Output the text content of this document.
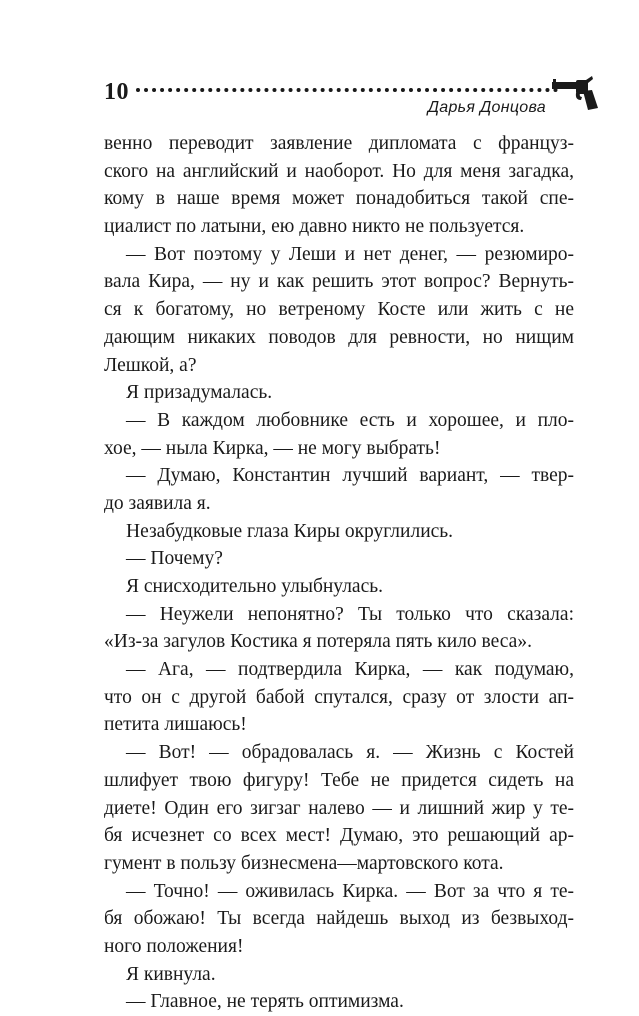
10
Дарья Донцова
венно переводит заявление дипломата с француз-
ского на английский и наоборот. Но для меня загадка,
кому в наше время может понадобиться такой спе-
циалист по латыни, ею давно никто не пользуется.
— Вот поэтому у Леши и нет денег, — резюмиро-
вала Кира, — ну и как решить этот вопрос? Вернуть-
ся к богатому, но ветреному Косте или жить с не
дающим никаких поводов для ревности, но нищим
Лешкой, а?
Я призадумалась.
— В каждом любовнике есть и хорошее, и пло-
хое, — ныла Кирка, — не могу выбрать!
— Думаю, Константин лучший вариант, — твер-
до заявила я.
Незабудковые глаза Киры округлились.
— Почему?
Я снисходительно улыбнулась.
— Неужели непонятно? Ты только что сказала:
«Из-за загулов Костика я потеряла пять кило веса».
— Ага, — подтвердила Кирка, — как подумаю,
что он с другой бабой спутался, сразу от злости ап-
петита лишаюсь!
— Вот! — обрадовалась я. — Жизнь с Костей
шлифует твою фигуру! Тебе не придется сидеть на
диете! Один его зигзаг налево — и лишний жир у те-
бя исчезнет со всех мест! Думаю, это решающий ар-
гумент в пользу бизнесмена—мартовского кота.
— Точно! — оживилась Кирка. — Вот за что я те-
бя обожаю! Ты всегда найдешь выход из безвыход-
ного положения!
Я кивнула.
— Главное, не терять оптимизма.
